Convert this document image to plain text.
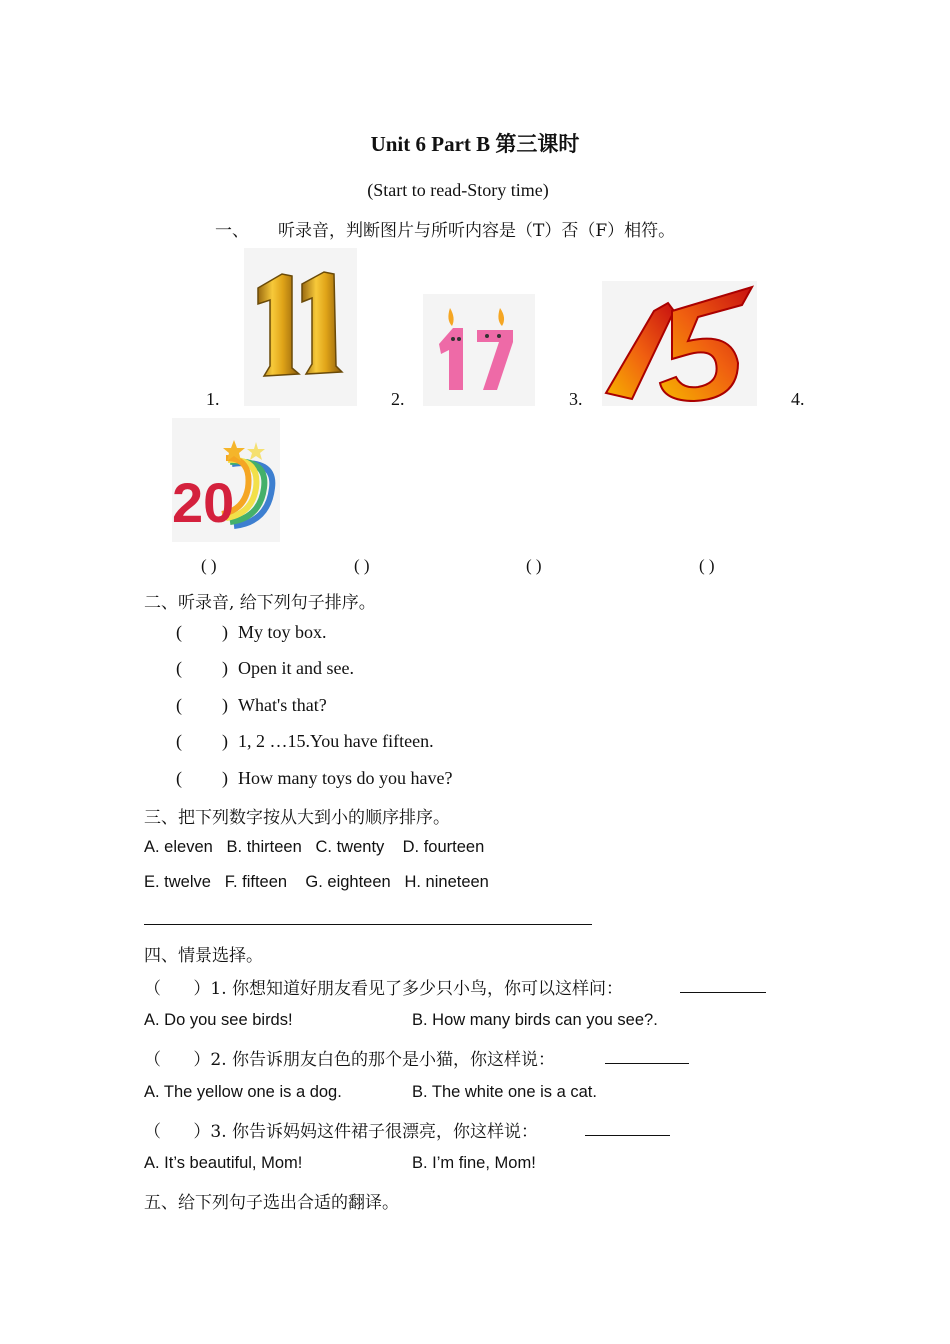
Unit 6 Part B 第三课时
(Start to read-Story time)
一、 听录音，判断图片与所听内容是（T）否（F）相符。
1.	2.	3.	4.
20
( )	( )	( )	( )
二、听录音, 给下列句子排序。
( ) My toy box.
( ) Open it and see.
( ) What's that?
( ) 1, 2 …15.You have fifteen.
( ) How many toys do you have?
三、把下列数字按从大到小的顺序排序。
A. eleven   B. thirteen   C. twenty    D. fourteen
E. twelve   F. fifteen    G. eighteen   H. nineteen
四、情景选择。
（      ）1. 你想知道好朋友看见了多少只小鸟，你可以这样问：
A. Do you see birds!	B. How many birds can you see?.
（      ）2. 你告诉朋友白色的那个是小猫，你这样说：
A. The yellow one is a dog.	B. The white one is a cat.
（      ）3. 你告诉妈妈这件裙子很漂亮，你这样说：
A. It’s beautiful, Mom!	B. I’m fine, Mom!
五、给下列句子选出合适的翻译。
